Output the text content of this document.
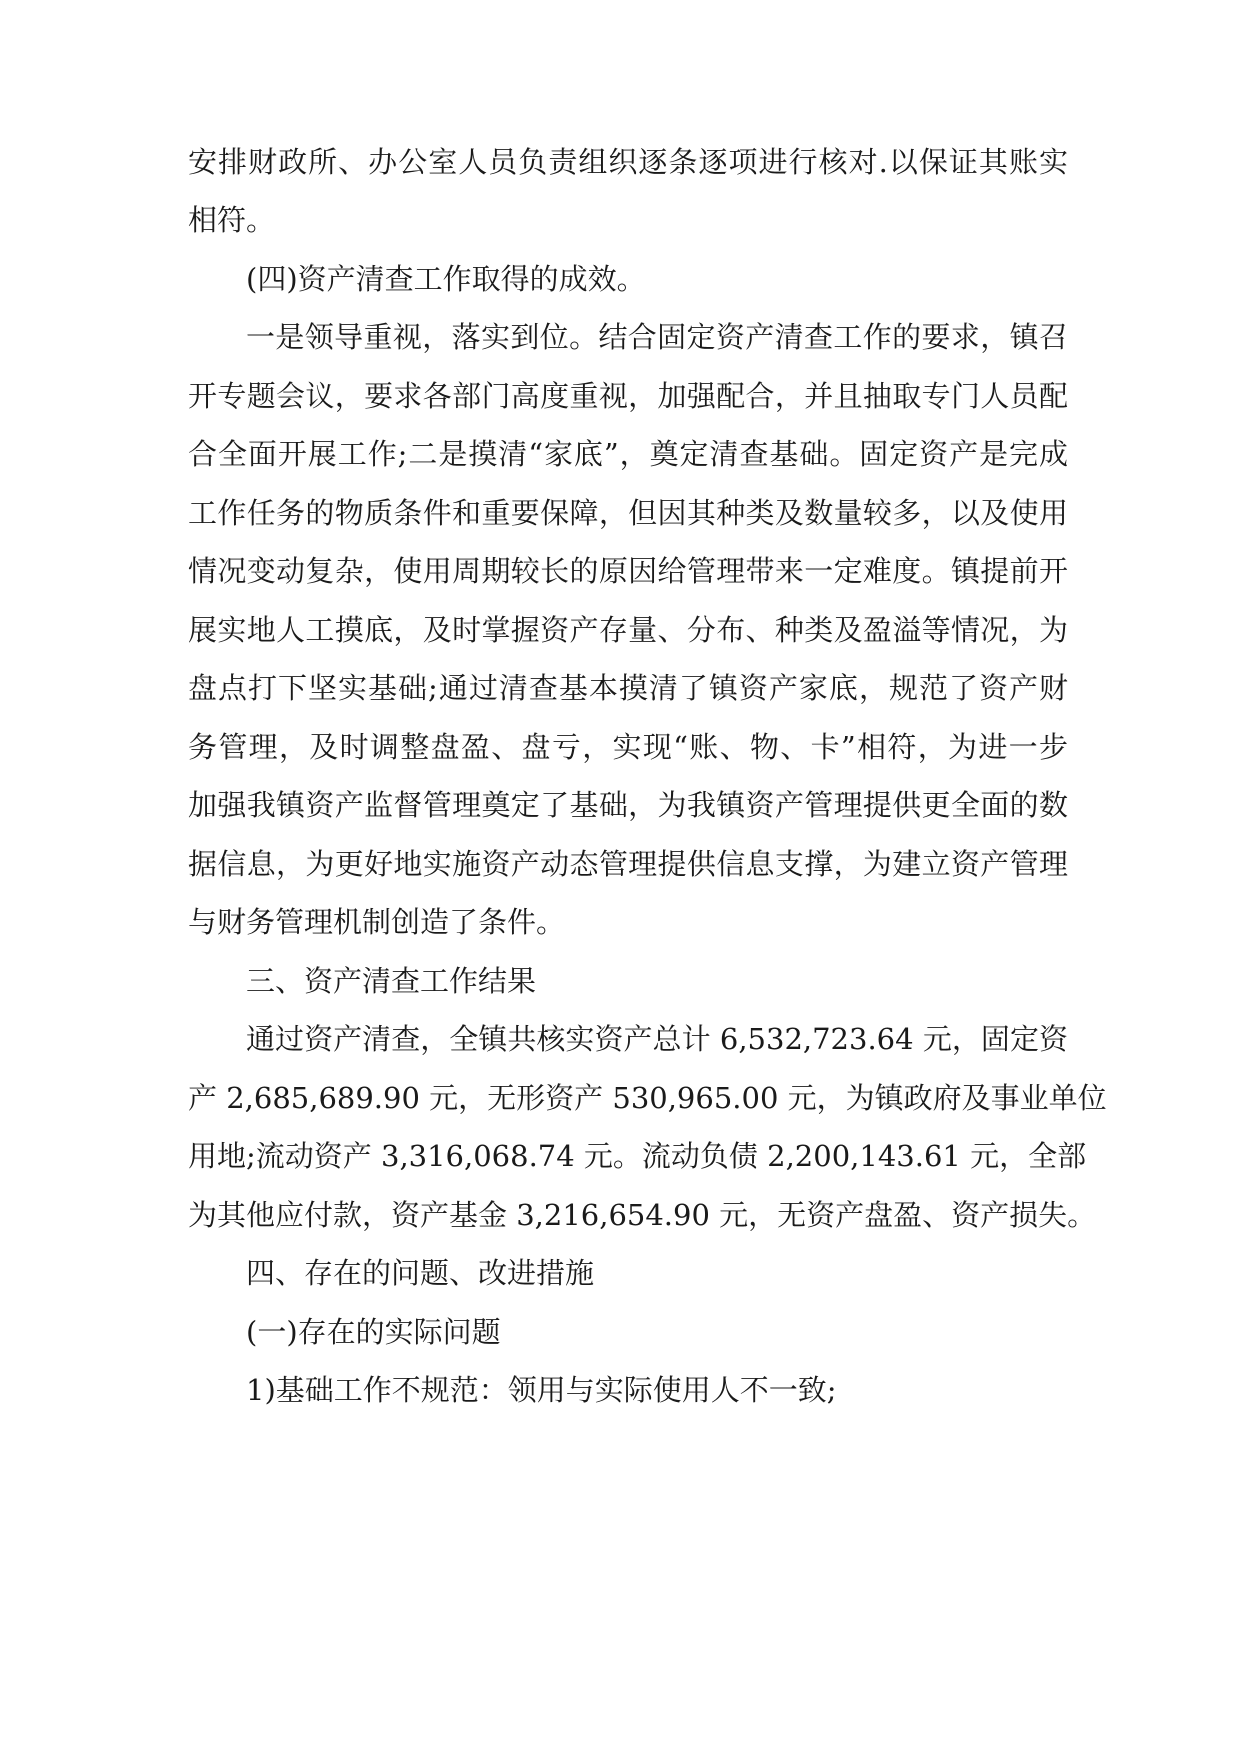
安排财政所、办公室人员负责组织逐条逐项进行核对.以保证其账实
相符。
(四)资产清查工作取得的成效。
一是领导重视，落实到位。结合固定资产清查工作的要求，镇召
开专题会议，要求各部门高度重视，加强配合，并且抽取专门人员配
合全面开展工作;二是摸清“家底”，奠定清查基础。固定资产是完成
工作任务的物质条件和重要保障，但因其种类及数量较多，以及使用
情况变动复杂，使用周期较长的原因给管理带来一定难度。镇提前开
展实地人工摸底，及时掌握资产存量、分布、种类及盈溢等情况，为
盘点打下坚实基础;通过清查基本摸清了镇资产家底，规范了资产财
务管理，及时调整盘盈、盘亏，实现“账、物、卡”相符，为进一步
加强我镇资产监督管理奠定了基础，为我镇资产管理提供更全面的数
据信息，为更好地实施资产动态管理提供信息支撑，为建立资产管理
与财务管理机制创造了条件。
三、资产清查工作结果
通过资产清查，全镇共核实资产总计 6,532,723.64 元，固定资
产 2,685,689.90 元，无形资产 530,965.00 元，为镇政府及事业单位
用地;流动资产 3,316,068.74 元。流动负债 2,200,143.61 元，全部
为其他应付款，资产基金 3,216,654.90 元，无资产盘盈、资产损失。
四、存在的问题、改进措施
(一)存在的实际问题
1)基础工作不规范：领用与实际使用人不一致;
